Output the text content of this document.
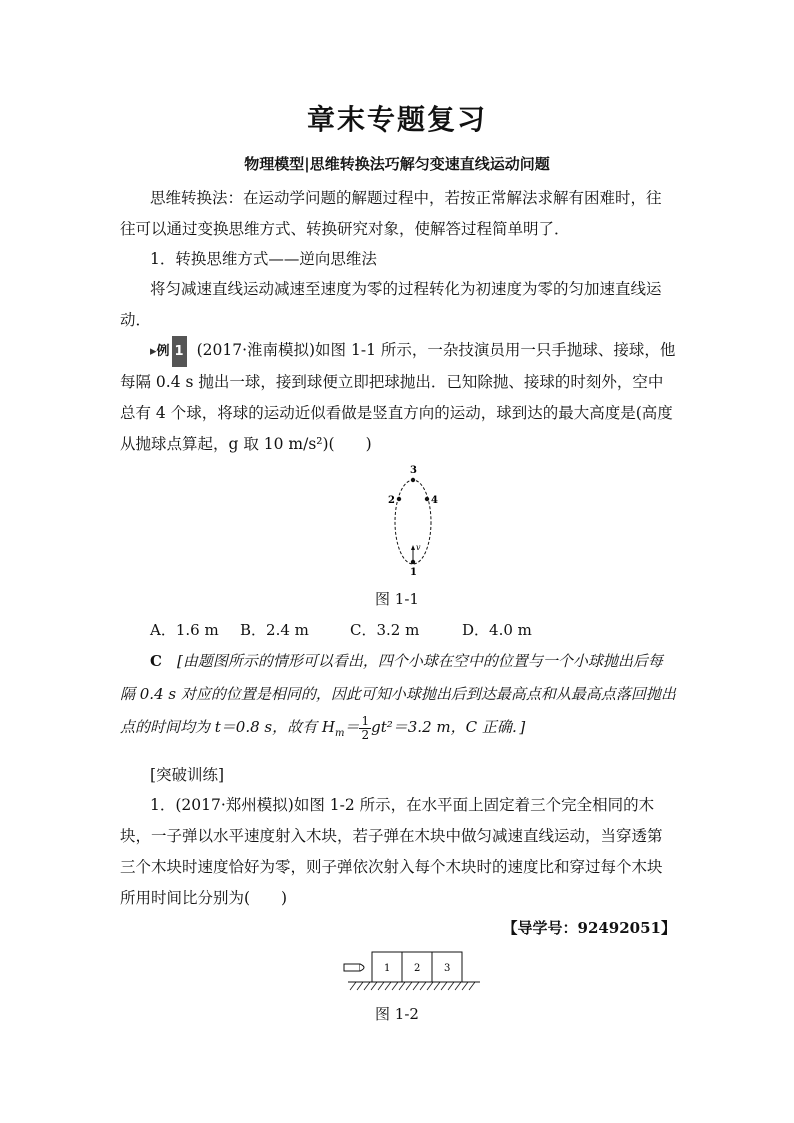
章末专题复习
物理模型|思维转换法巧解匀变速直线运动问题
思维转换法：在运动学问题的解题过程中，若按正常解法求解有困难时，往往可以通过变换思维方式、转换研究对象，使解答过程简单明了．
1．转换思维方式——逆向思维法
将匀减速直线运动减速至速度为零的过程转化为初速度为零的匀加速直线运动．
▸例 1 (2017·淮南模拟)如图 1-1 所示，一杂技演员用一只手抛球、接球，他每隔 0.4 s 抛出一球，接到球便立即把球抛出．已知除抛、接球的时刻外，空中总有 4 个球，将球的运动近似看做是竖直方向的运动，球到达的最大高度是(高度从抛球点算起，g 取 10 m/s²)(　　)
3
2	4
1
v
图 1-1
A．1.6 m B．2.4 m	C．3.2 m	D．4.0 m
C　 [由题图所示的情形可以看出，四个小球在空中的位置与一个小球抛出后每隔 0.4 s 对应的位置是相同的，因此可知小球抛出后到达最高点和从最高点落回抛出点的时间均为 t＝0.8 s，故有 $H_m= \frac{1}{2} gt^2=3.2$ m，C 正确．]
[突破训练]
1．(2017·郑州模拟)如图 1-2 所示，在水平面上固定着三个完全相同的木块，一子弹以水平速度射入木块，若子弹在木块中做匀减速直线运动，当穿透第三个木块时速度恰好为零，则子弹依次射入每个木块时的速度比和穿过每个木块所用时间比分别为(　　)
【导学号：92492051】
1 2 3
图 1-2
